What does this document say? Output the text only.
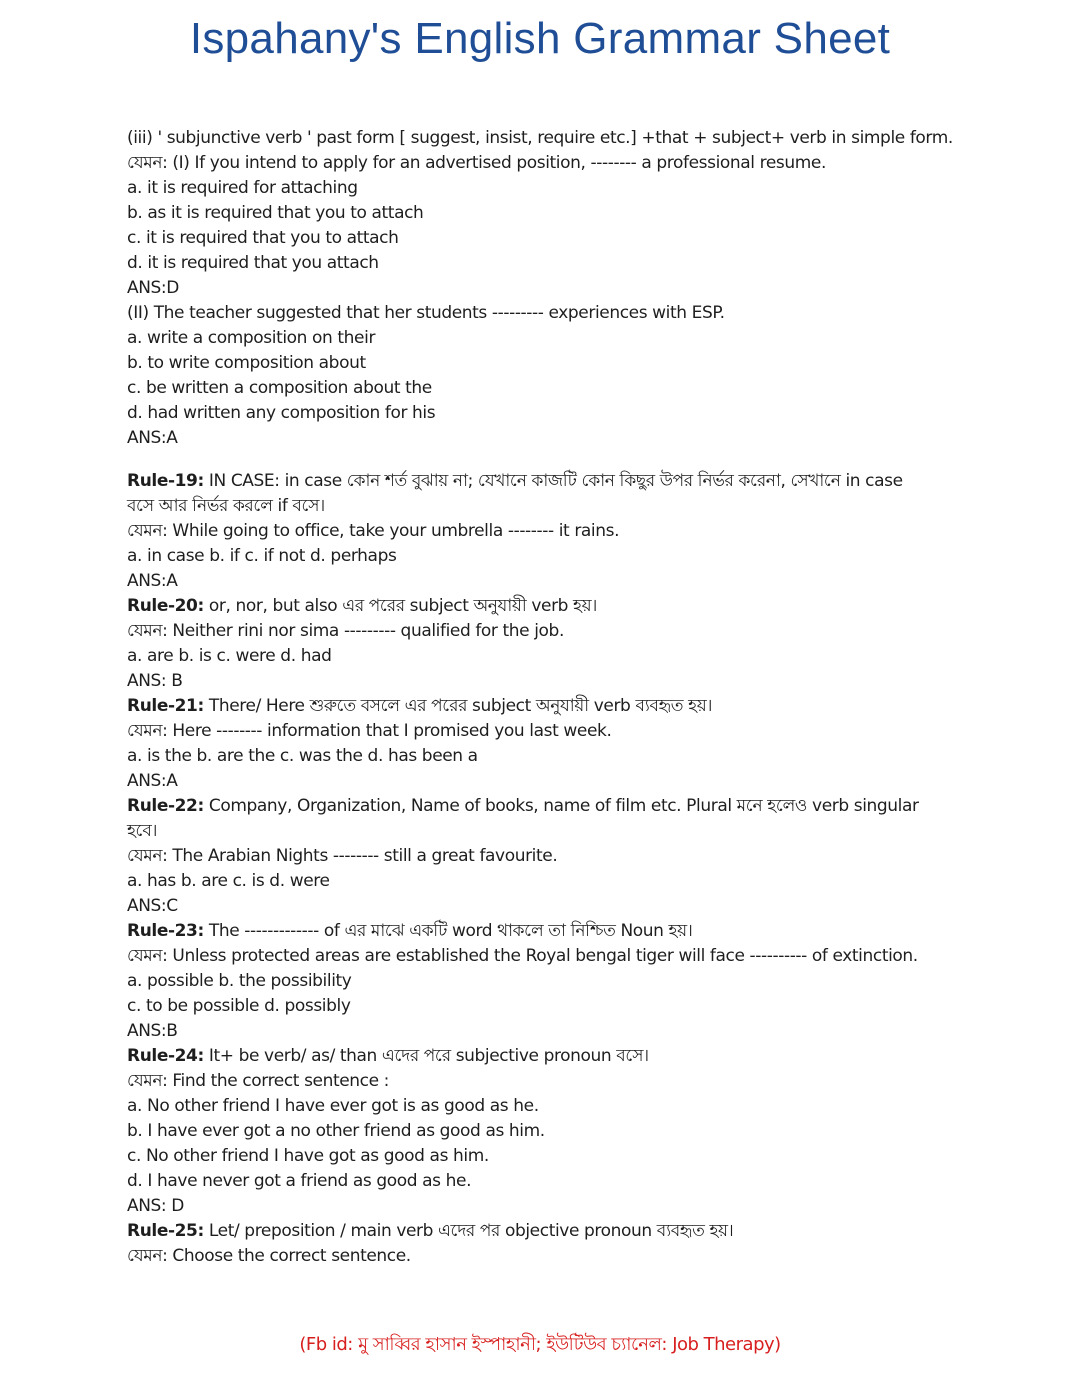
Ispahany's English Grammar Sheet
(iii) ' subjunctive verb ' past form [ suggest, insist, require etc.] +that + subject+ verb in simple form.
যেমন: (I) If you intend to apply for an advertised position, -------- a professional resume.
a. it is required for attaching
b. as it is required that you to attach
c. it is required that you to attach
d. it is required that you attach
ANS:D
(II) The teacher suggested that her students --------- experiences with ESP.
a. write a composition on their
b. to write composition about
c. be written a composition about the
d. had written any composition for his
ANS:A
Rule-19: IN CASE: in case কোন শর্ত বুঝায় না; যেখানে কাজটি কোন কিছুর উপর নির্ভর করেনা, সেখানে in case
বসে আর নির্ভর করলে if বসে।
যেমন: While going to office, take your umbrella -------- it rains.
a. in case b. if c. if not d. perhaps
ANS:A
Rule-20: or, nor, but also এর পরের subject অনুযায়ী verb হয়।
যেমন: Neither rini nor sima --------- qualified for the job.
a. are b. is c. were d. had
ANS: B
Rule-21: There/ Here শুরুতে বসলে এর পরের subject অনুযায়ী verb ব্যবহৃত হয়।
যেমন: Here -------- information that I promised you last week.
a. is the b. are the c. was the d. has been a
ANS:A
Rule-22: Company, Organization, Name of books, name of film etc. Plural মনে হলেও verb singular
হবে।
যেমন: The Arabian Nights -------- still a great favourite.
a. has b. are c. is d. were
ANS:C
Rule-23: The ------------- of এর মাঝে একটি word থাকলে তা নিশ্চিত Noun হয়।
যেমন: Unless protected areas are established the Royal bengal tiger will face ---------- of extinction.
a. possible b. the possibility
c. to be possible d. possibly
ANS:B
Rule-24: It+ be verb/ as/ than এদের পরে subjective pronoun বসে।
যেমন: Find the correct sentence :
a. No other friend I have ever got is as good as he.
b. I have ever got a no other friend as good as him.
c. No other friend I have got as good as him.
d. I have never got a friend as good as he.
ANS: D
Rule-25: Let/ preposition / main verb এদের পর objective pronoun ব্যবহৃত হয়।
যেমন: Choose the correct sentence.
(Fb id: মু সাব্বির হাসান ইস্পাহানী; ইউটিউব চ্যানেল: Job Therapy)
